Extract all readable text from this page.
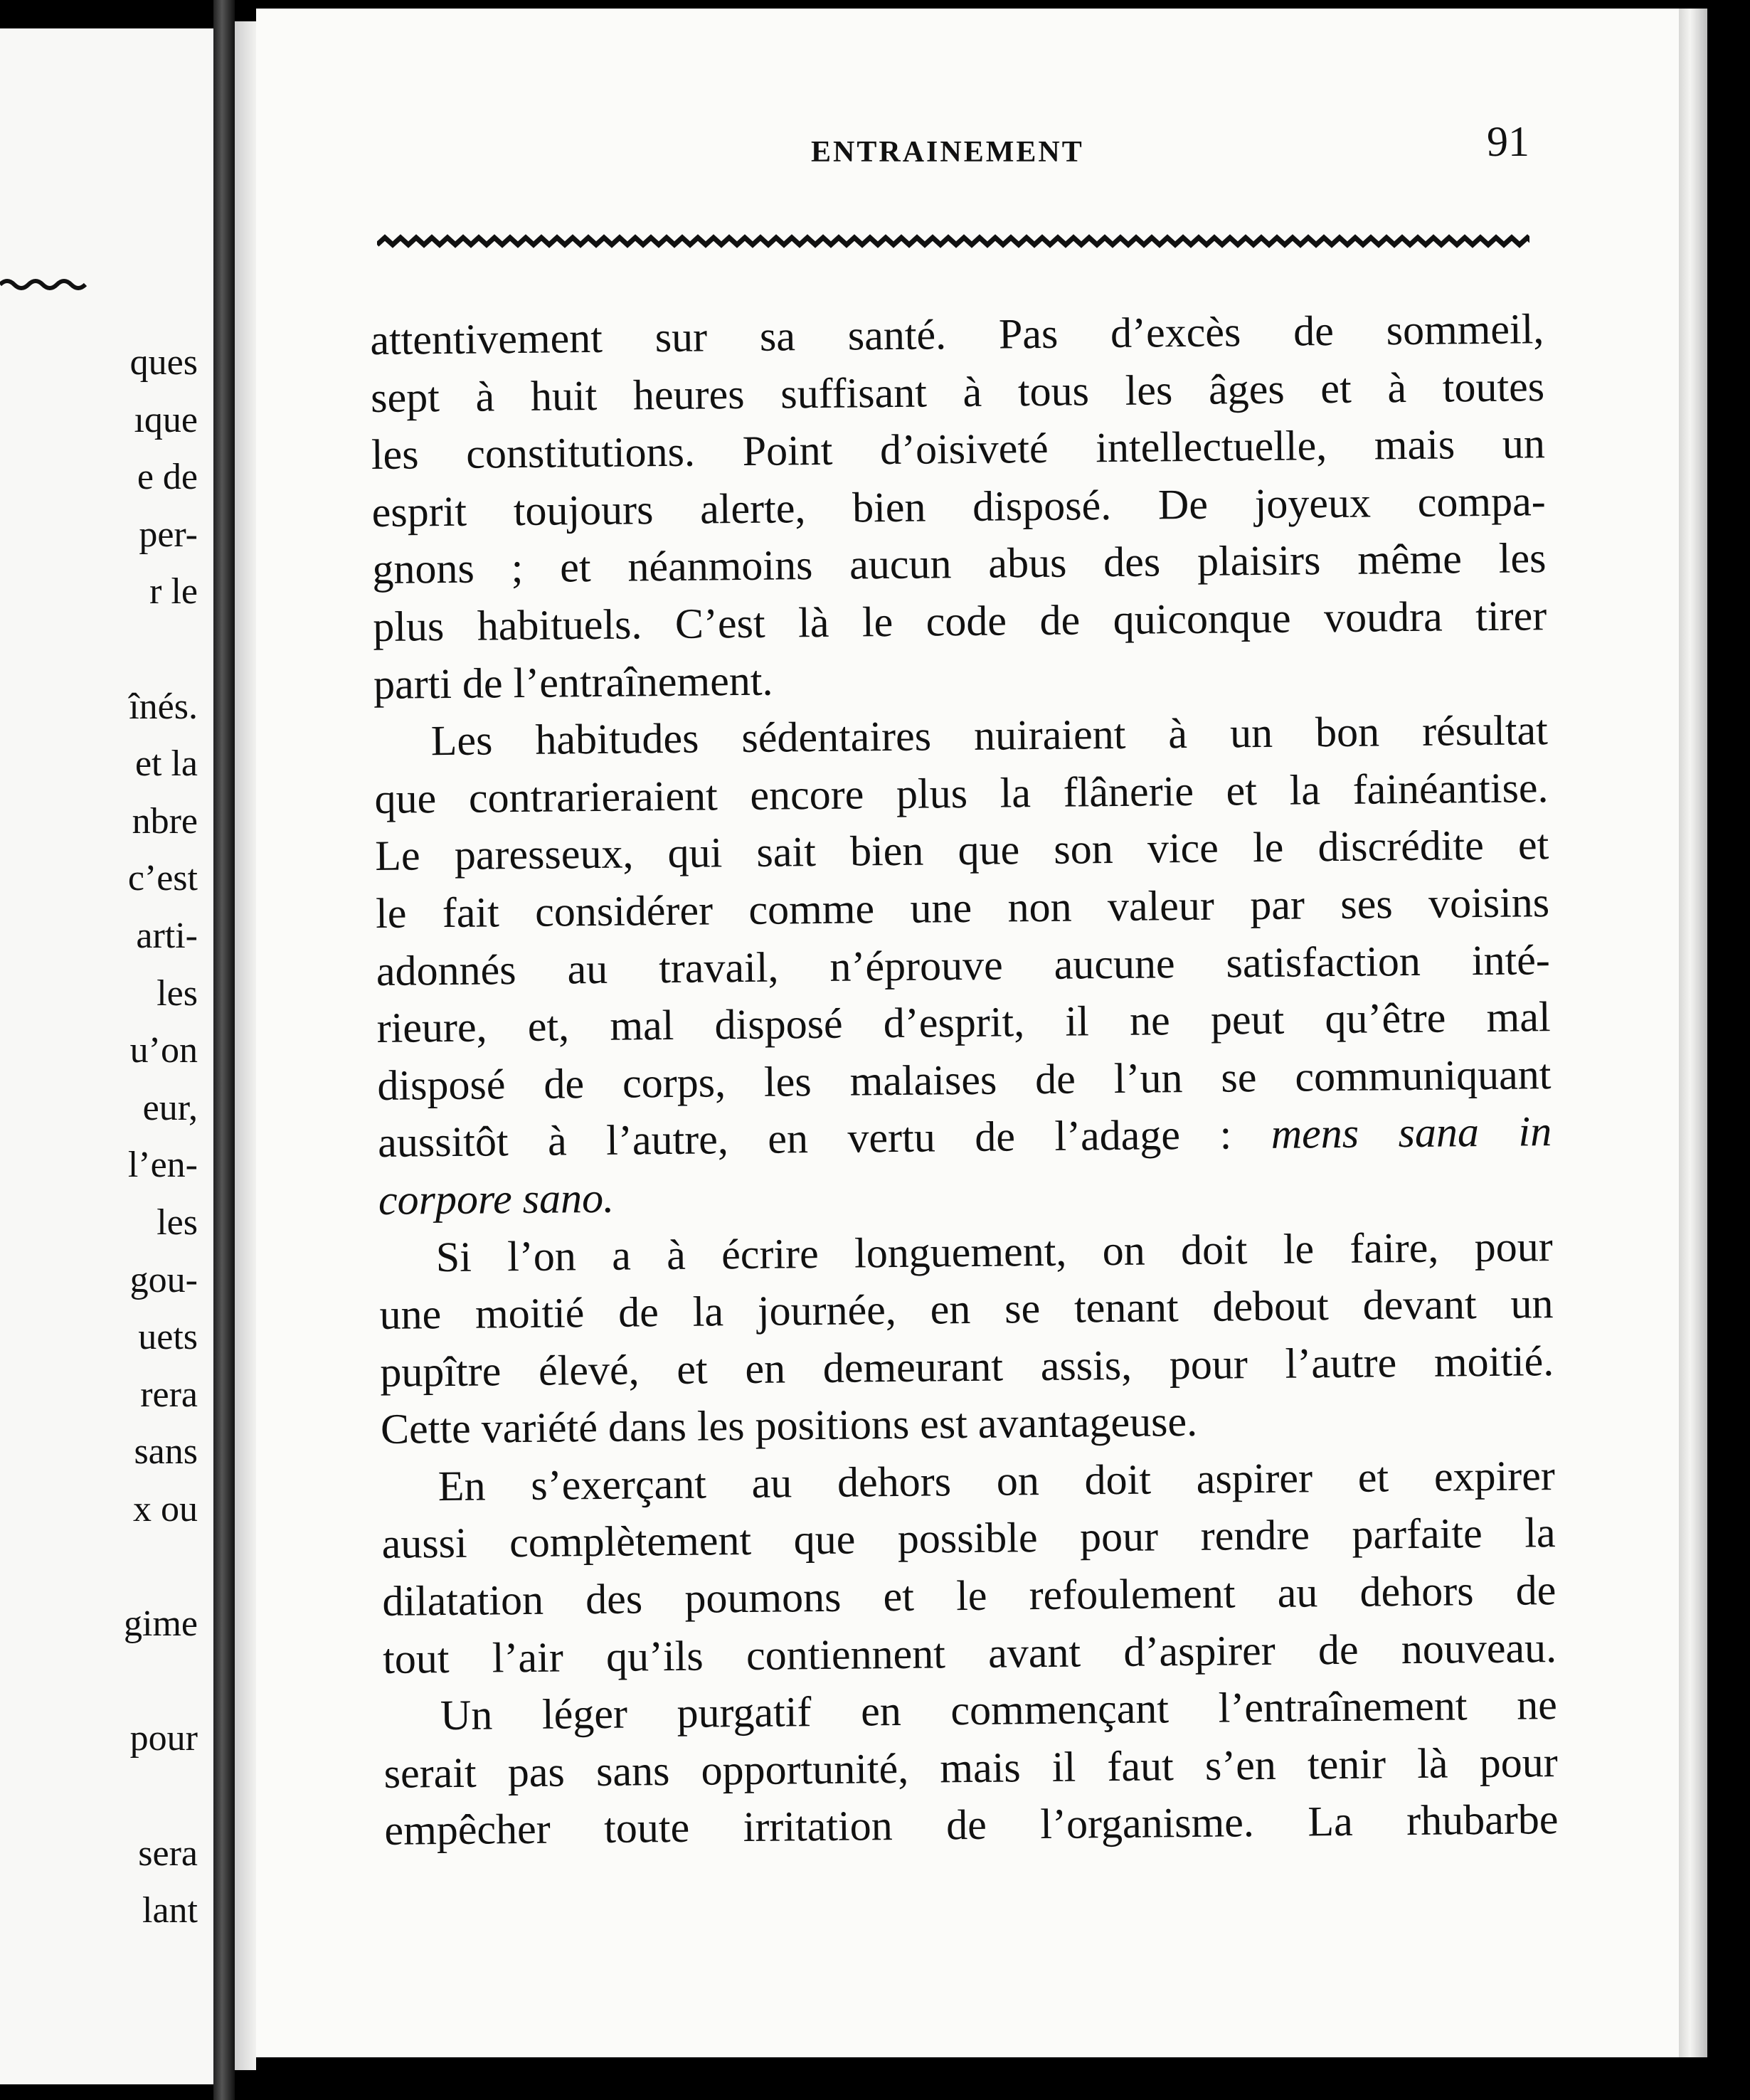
ques
ıque
e de
per-
r le
înés.
et la
nbre
c’est
arti-
les
u’on
eur,
l’en-
les
gou-
uets
rera
sans
x ou
gime
pour
sera
lant
ENTRAINEMENT	91
attentivement sur sa santé. Pas d’excès de sommeil,
sept à huit heures suffisant à tous les âges et à toutes
les constitutions. Point d’oisiveté intellectuelle, mais un
esprit toujours alerte, bien disposé. De joyeux compa-
gnons ; et néanmoins aucun abus des plaisirs même les
plus habituels. C’est là le code de quiconque voudra tirer
parti de l’entraînement.
Les habitudes sédentaires nuiraient à un bon résultat
que contrarieraient encore plus la flânerie et la fainéantise.
Le paresseux, qui sait bien que son vice le discrédite et
le fait considérer comme une non valeur par ses voisins
adonnés au travail, n’éprouve aucune satisfaction inté-
rieure, et, mal disposé d’esprit, il ne peut qu’être mal
disposé de corps, les malaises de l’un se communiquant
aussitôt à l’autre, en vertu de l’adage : mens sana in
corpore sano.
Si l’on a à écrire longuement, on doit le faire, pour
une moitié de la journée, en se tenant debout devant un
pupître élevé, et en demeurant assis, pour l’autre moitié.
Cette variété dans les positions est avantageuse.
En s’exerçant au dehors on doit aspirer et expirer
aussi complètement que possible pour rendre parfaite la
dilatation des poumons et le refoulement au dehors de
tout l’air qu’ils contiennent avant d’aspirer de nouveau.
Un léger purgatif en commençant l’entraînement ne
serait pas sans opportunité, mais il faut s’en tenir là pour
empêcher toute irritation de l’organisme. La rhubarbe
